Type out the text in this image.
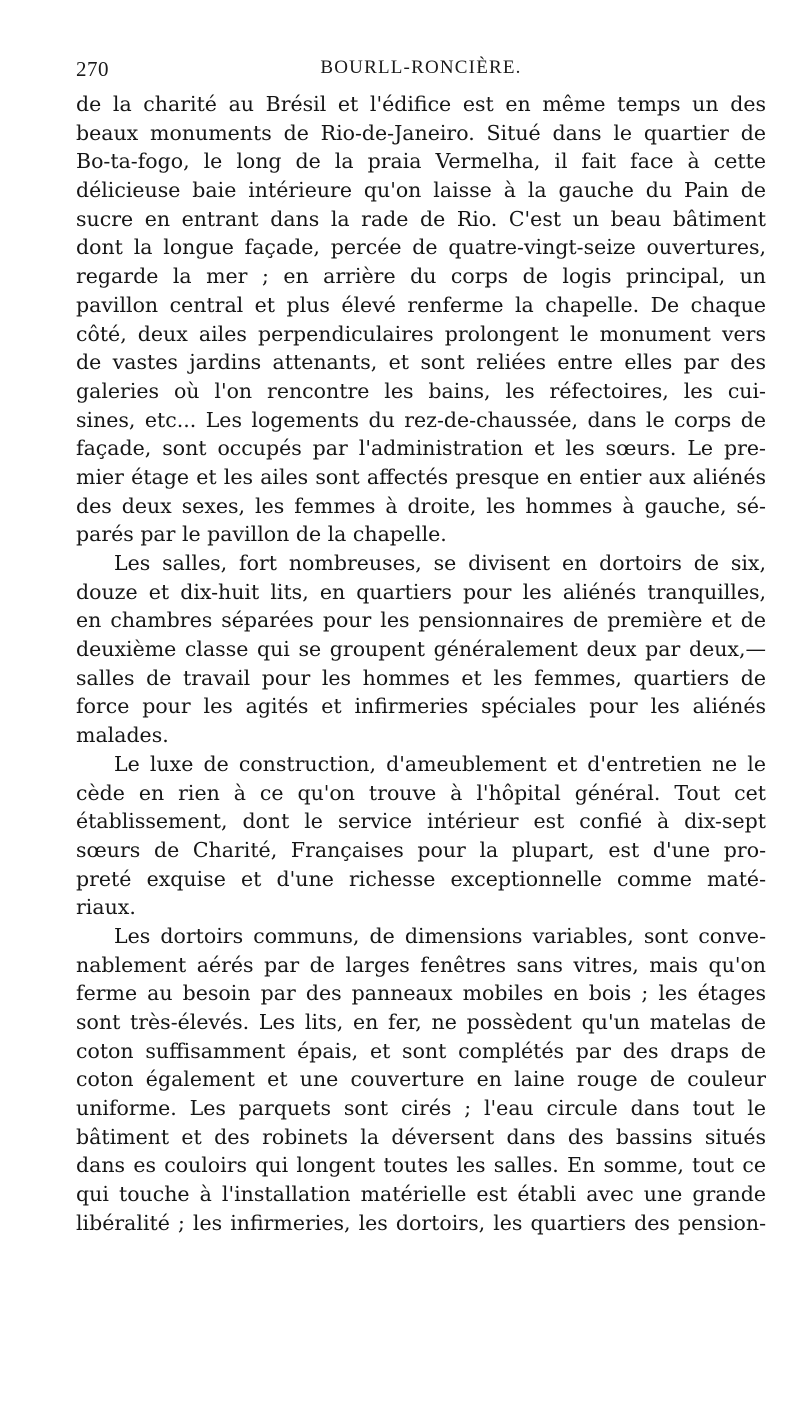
270	BOURLL-RONCIÈRE.
de la charité au Brésil et l'édifice est en même temps un des
beaux monuments de Rio-de-Janeiro. Situé dans le quartier de
Bo-ta-fogo, le long de la praia Vermelha, il fait face à cette
délicieuse baie intérieure qu'on laisse à la gauche du Pain de
sucre en entrant dans la rade de Rio. C'est un beau bâtiment
dont la longue façade, percée de quatre-vingt-seize ouvertures,
regarde la mer ; en arrière du corps de logis principal, un
pavillon central et plus élevé renferme la chapelle. De chaque
côté, deux ailes perpendiculaires prolongent le monument vers
de vastes jardins attenants, et sont reliées entre elles par des
galeries où l'on rencontre les bains, les réfectoires, les cui-
sines, etc... Les logements du rez-de-chaussée, dans le corps de
façade, sont occupés par l'administration et les sœurs. Le pre-
mier étage et les ailes sont affectés presque en entier aux aliénés
des deux sexes, les femmes à droite, les hommes à gauche, sé-
parés par le pavillon de la chapelle.
Les salles, fort nombreuses, se divisent en dortoirs de six,
douze et dix-huit lits, en quartiers pour les aliénés tranquilles,
en chambres séparées pour les pensionnaires de première et de
deuxième classe qui se groupent généralement deux par deux,—
salles de travail pour les hommes et les femmes, quartiers de
force pour les agités et infirmeries spéciales pour les aliénés
malades.
Le luxe de construction, d'ameublement et d'entretien ne le
cède en rien à ce qu'on trouve à l'hôpital général. Tout cet
établissement, dont le service intérieur est confié à dix-sept
sœurs de Charité, Françaises pour la plupart, est d'une pro-
preté exquise et d'une richesse exceptionnelle comme maté-
riaux.
Les dortoirs communs, de dimensions variables, sont conve-
nablement aérés par de larges fenêtres sans vitres, mais qu'on
ferme au besoin par des panneaux mobiles en bois ; les étages
sont très-élevés. Les lits, en fer, ne possèdent qu'un matelas de
coton suffisamment épais, et sont complétés par des draps de
coton également et une couverture en laine rouge de couleur
uniforme. Les parquets sont cirés ; l'eau circule dans tout le
bâtiment et des robinets la déversent dans des bassins situés
dans es couloirs qui longent toutes les salles. En somme, tout ce
qui touche à l'installation matérielle est établi avec une grande
libéralité ; les infirmeries, les dortoirs, les quartiers des pension-
